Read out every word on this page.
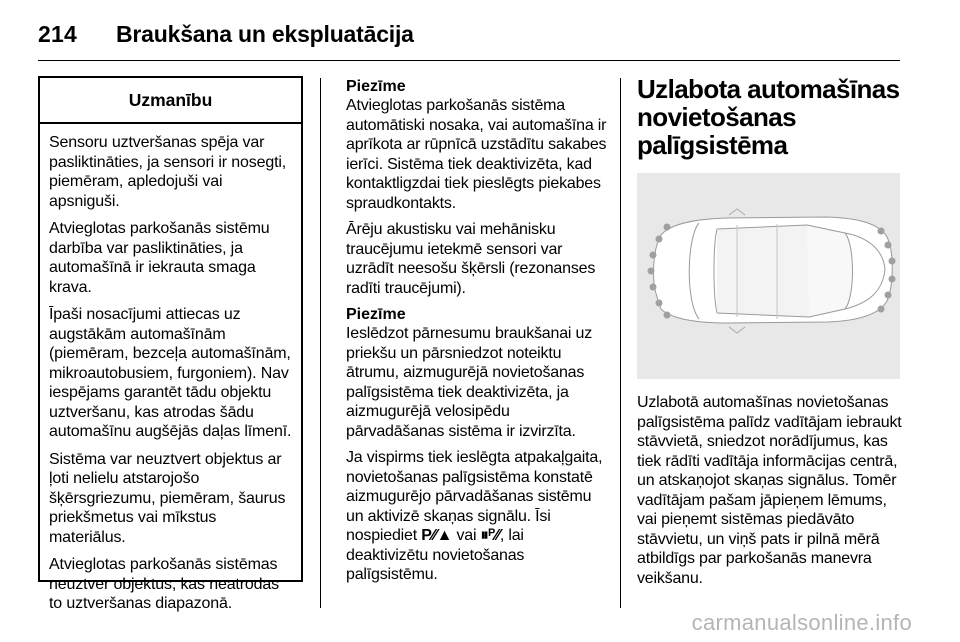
214	Braukšana un ekspluatācija
Uzmanību

Sensoru uztveršanas spēja var pasliktināties, ja sensori ir nosegti, piemēram, apledojuši vai apsniguši.

Atvieglotas parkošanās sistēmu darbība var pasliktināties, ja automašīnā ir iekrauta smaga krava.

Īpaši nosacījumi attiecas uz augstākām automašīnām (piemēram, bezceļa automašīnām, mikroautobusiem, furgoniem). Nav iespējams garantēt tādu objektu uztveršanu, kas atrodas šādu automašīnu augšējās daļas līmenī.

Sistēma var neuztvert objektus ar ļoti nelielu atstarojošo šķērsgriezumu, piemēram, šaurus priekšmetus vai mīkstus materiālus.

Atvieglotas parkošanās sistēmas neuztver objektus, kas neatrodas to uztveršanas diapazonā.

Piezīme

Atvieglotas parkošanās sistēma automātiski nosaka, vai automašīna ir aprīkota ar rūpnīcā uzstādītu sakabes ierīci. Sistēma tiek deaktivizēta, kad kontaktligzdai tiek pieslēgts piekabes spraudkontakts.

Ārēju akustisku vai mehānisku traucējumu ietekmē sensori var uzrādīt neesošu šķērsli (rezonanses radīti traucējumi).

Piezīme

Ieslēdzot pārnesumu braukšanai uz priekšu un pārsniedzot noteiktu ātrumu, aizmugurējā novietošanas palīgsistēma tiek deaktivizēta, ja aizmugurējā velosipēdu pārvadāšanas sistēma ir izvirzīta.

Ja vispirms tiek ieslēgta atpakaļgaita, novietošanas palīgsistēma konstatē aizmugurējo pārvadāšanas sistēmu un aktivizē skaņas signālu. Īsi nospiediet P⁄⁄▲ vai ⏸ᴾ⁄⁄, lai deaktivizētu novietošanas palīgsistēmu.

Uzlabota automašīnas novietošanas palīgsistēma

Uzlabotā automašīnas novietošanas palīgsistēma palīdz vadītājam iebraukt stāvvietā, sniedzot norādījumus, kas tiek rādīti vadītāja informācijas centrā, un atskaņojot skaņas signālus. Tomēr vadītājam pašam jāpieņem lēmums, vai pieņemt sistēmas piedāvāto stāvvietu, un viņš pats ir pilnā mērā atbildīgs par parkošanās manevra veikšanu.

carmanualsonline.info
